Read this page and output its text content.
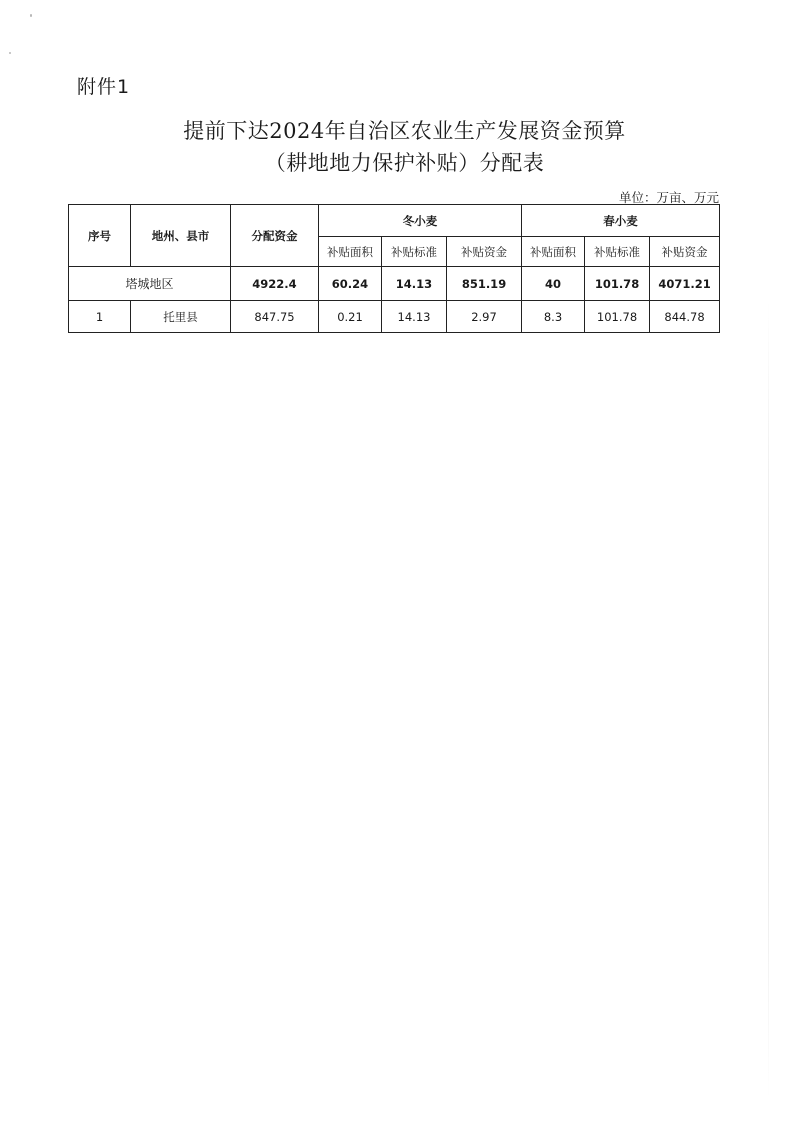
附件1
提前下达2024年自治区农业生产发展资金预算
（耕地地力保护补贴）分配表
单位：万亩、万元
序号	地州、县市	分配资金	冬小麦			春小麦		
			补贴面积	补贴标准	补贴资金	补贴面积	补贴标准	补贴资金
塔城地区		4922.4	60.24	14.13	851.19	40	101.78	4071.21
1	托里县	847.75	0.21	14.13	2.97	8.3	101.78	844.78
